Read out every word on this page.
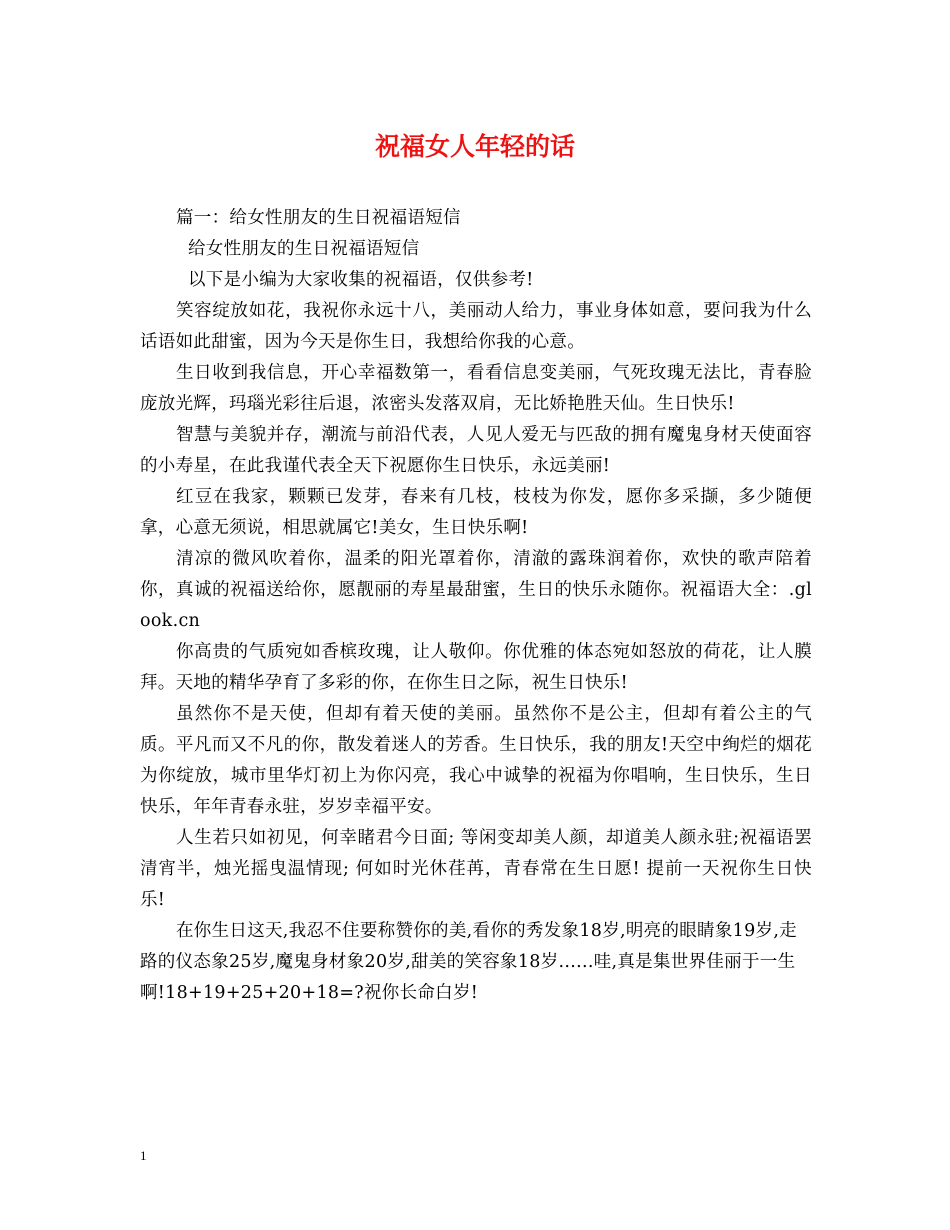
祝福女人年轻的话

篇一：给女性朋友的生日祝福语短信

给女性朋友的生日祝福语短信

以下是小编为大家收集的祝福语，仅供参考!

笑容绽放如花，我祝你永远十八，美丽动人给力，事业身体如意，要问我为什么话语如此甜蜜，因为今天是你生日，我想给你我的心意。

生日收到我信息，开心幸福数第一，看看信息变美丽，气死玫瑰无法比，青春脸庞放光辉，玛瑙光彩往后退，浓密头发落双肩，无比娇艳胜天仙。生日快乐!

智慧与美貌并存，潮流与前沿代表，人见人爱无与匹敌的拥有魔鬼身材天使面容的小寿星，在此我谨代表全天下祝愿你生日快乐，永远美丽!

红豆在我家，颗颗已发芽，春来有几枝，枝枝为你发，愿你多采撷，多少随便拿，心意无须说，相思就属它!美女，生日快乐啊!

清凉的微风吹着你，温柔的阳光罩着你，清澈的露珠润着你，欢快的歌声陪着你，真诚的祝福送给你，愿靓丽的寿星最甜蜜，生日的快乐永随你。祝福语大全：.glook.cn

你高贵的气质宛如香槟玫瑰，让人敬仰。你优雅的体态宛如怒放的荷花，让人膜拜。天地的精华孕育了多彩的你，在你生日之际，祝生日快乐!

虽然你不是天使，但却有着天使的美丽。虽然你不是公主，但却有着公主的气质。平凡而又不凡的你，散发着迷人的芳香。生日快乐，我的朋友!天空中绚烂的烟花为你绽放，城市里华灯初上为你闪亮，我心中诚挚的祝福为你唱响，生日快乐，生日快乐，年年青春永驻，岁岁幸福平安。

人生若只如初见，何幸睹君今日面; 等闲变却美人颜，却道美人颜永驻;祝福语罢清宵半，烛光摇曳温情现; 何如时光休荏苒，青春常在生日愿! 提前一天祝你生日快乐!

在你生日这天,我忍不住要称赞你的美,看你的秀发象18岁,明亮的眼睛象19岁,走路的仪态象25岁,魔鬼身材象20岁,甜美的笑容象18岁......哇,真是集世界佳丽于一生啊!18+19+25+20+18=?祝你长命白岁!

1
